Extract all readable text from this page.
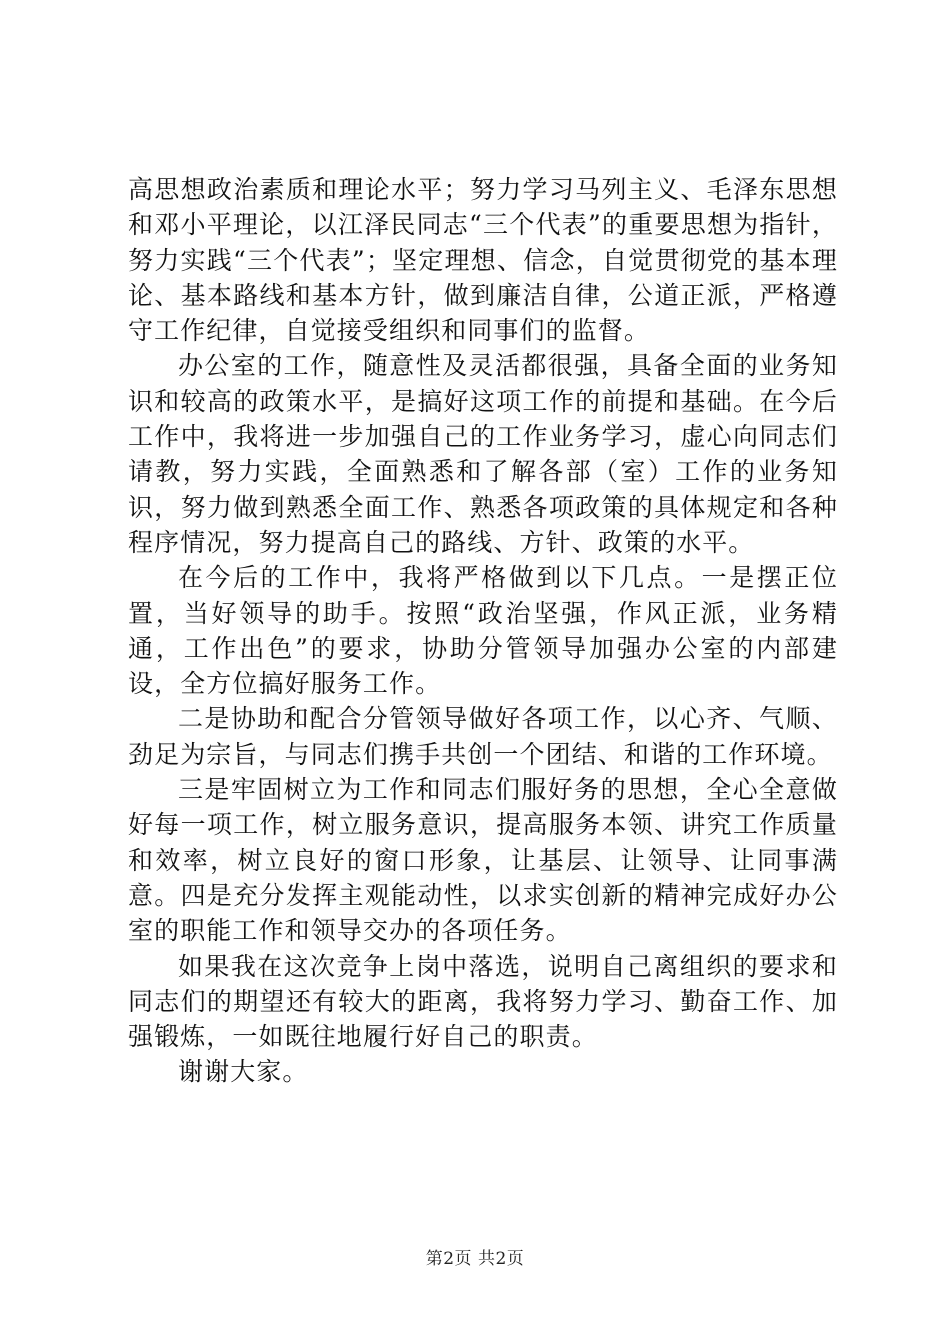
高思想政治素质和理论水平；努力学习马列主义、毛泽东思想和邓小平理论，以江泽民同志“三个代表”的重要思想为指针，努力实践“三个代表”；坚定理想、信念，自觉贯彻党的基本理论、基本路线和基本方针，做到廉洁自律，公道正派，严格遵守工作纪律，自觉接受组织和同事们的监督。

办公室的工作，随意性及灵活都很强，具备全面的业务知识和较高的政策水平，是搞好这项工作的前提和基础。在今后工作中，我将进一步加强自己的工作业务学习，虚心向同志们请教，努力实践，全面熟悉和了解各部（室）工作的业务知识，努力做到熟悉全面工作、熟悉各项政策的具体规定和各种程序情况，努力提高自己的路线、方针、政策的水平。

在今后的工作中，我将严格做到以下几点。一是摆正位置，当好领导的助手。按照“政治坚强，作风正派，业务精通，工作出色”的要求，协助分管领导加强办公室的内部建设，全方位搞好服务工作。

二是协助和配合分管领导做好各项工作，以心齐、气顺、劲足为宗旨，与同志们携手共创一个团结、和谐的工作环境。

三是牢固树立为工作和同志们服好务的思想，全心全意做好每一项工作，树立服务意识，提高服务本领、讲究工作质量和效率，树立良好的窗口形象，让基层、让领导、让同事满意。四是充分发挥主观能动性，以求实创新的精神完成好办公室的职能工作和领导交办的各项任务。

如果我在这次竞争上岗中落选，说明自己离组织的要求和同志们的期望还有较大的距离，我将努力学习、勤奋工作、加强锻炼，一如既往地履行好自己的职责。

谢谢大家。

第2页 共2页
